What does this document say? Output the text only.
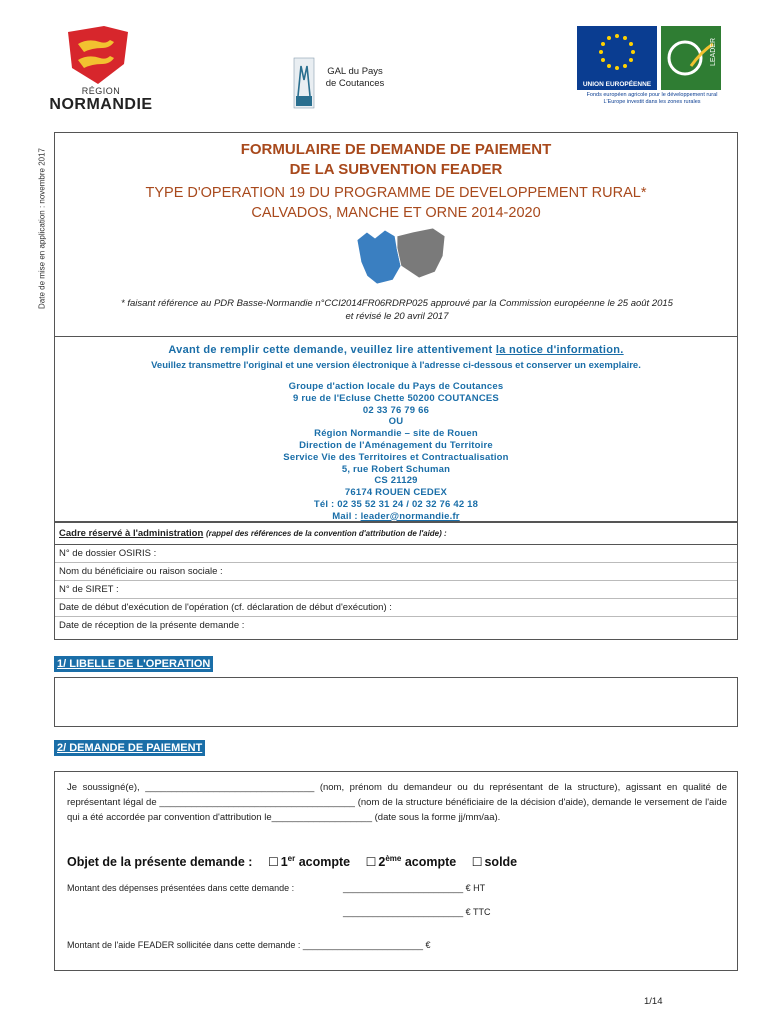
Date de mise en application : novembre 2017
RÉGION
NORMANDIE
GAL du Pays de Coutances	UNION EUROPÉENNE
LEADER
Fonds européen agricole pour le développement rural
L'Europe investit dans les zones rurales
FORMULAIRE DE DEMANDE DE PAIEMENT
DE LA SUBVENTION FEADER
TYPE D'OPERATION 19 DU PROGRAMME DE DEVELOPPEMENT RURAL*
CALVADOS, MANCHE ET ORNE 2014-2020
* faisant référence au PDR Basse-Normandie n°CCI2014FR06RDRP025 approuvé par la Commission européenne le 25 août 2015
et révisé le 20 avril 2017
Avant de remplir cette demande, veuillez lire attentivement la notice d'information.
Veuillez transmettre l'original et une version électronique à l'adresse ci-dessous et conserver un exemplaire.
Groupe d'action locale du Pays de Coutances
9 rue de l'Ecluse Chette 50200 COUTANCES
02 33 76 79 66
OU
Région Normandie – site de Rouen
Direction de l'Aménagement du Territoire
Service Vie des Territoires et Contractualisation
5, rue Robert Schuman
CS 21129
76174 ROUEN CEDEX
Tél : 02 35 52 31 24 / 02 32 76 42 18
Mail : leader@normandie.fr
Cadre réservé à l'administration (rappel des références de la convention d'attribution de l'aide) :
N° de dossier OSIRIS :
Nom du bénéficiaire ou raison sociale :
N° de SIRET :
Date de début d'exécution de l'opération (cf. déclaration de début d'exécution) :
Date de réception de la présente demande :
1/ LIBELLE DE L'OPERATION
2/ DEMANDE DE PAIEMENT
Je soussigné(e), ________________________________ (nom, prénom du demandeur ou du représentant de la structure), agissant en qualité de représentant légal de _____________________________________ (nom de la structure bénéficiaire de la décision d'aide), demande le versement de l'aide qui a été accordée par convention d'attribution le___________________ (date sous la forme jj/mm/aa).
Objet de la présente demande : ☐ 1er acompte ☐ 2ème acompte ☐ solde
Montant des dépenses présentées dans cette demande :	________________________ € HT
________________________ € TTC
Montant de l'aide FEADER sollicitée dans cette demande : ________________________ €
1/14
